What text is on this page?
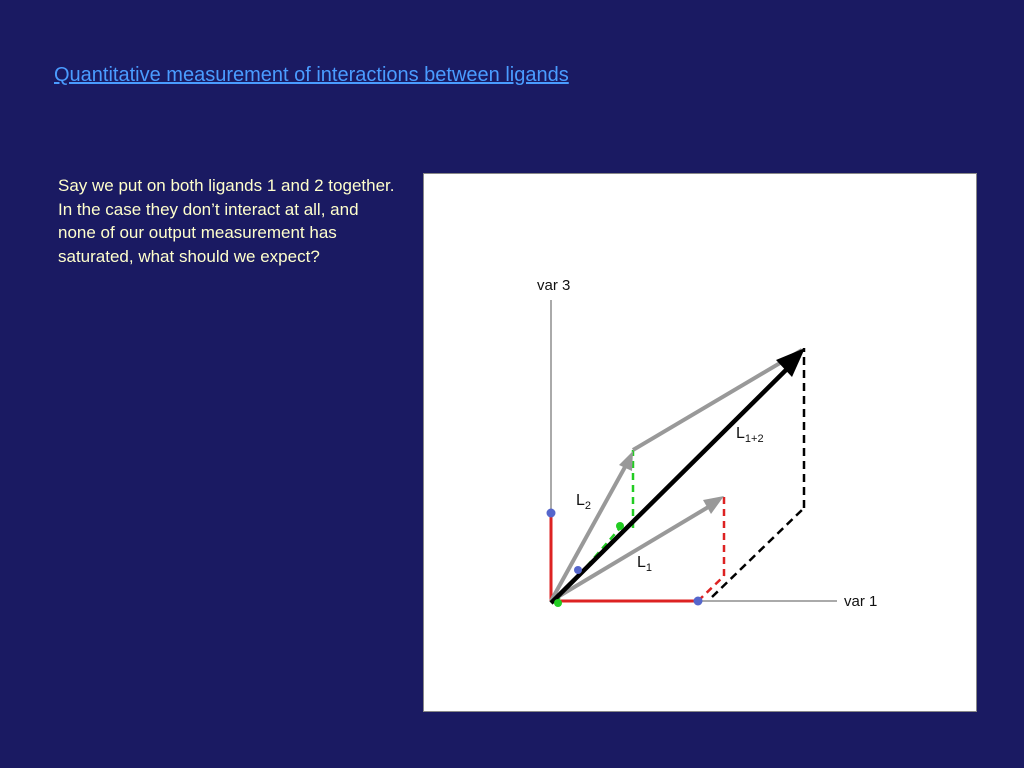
Quantitative measurement of interactions between ligands
Say we put on both ligands 1 and 2 together. In the case they don’t interact at all, and none of our output measurement has saturated, what should we expect?
var 3
var 1
$L_2$
$L_1$
$L_{1+2}$
